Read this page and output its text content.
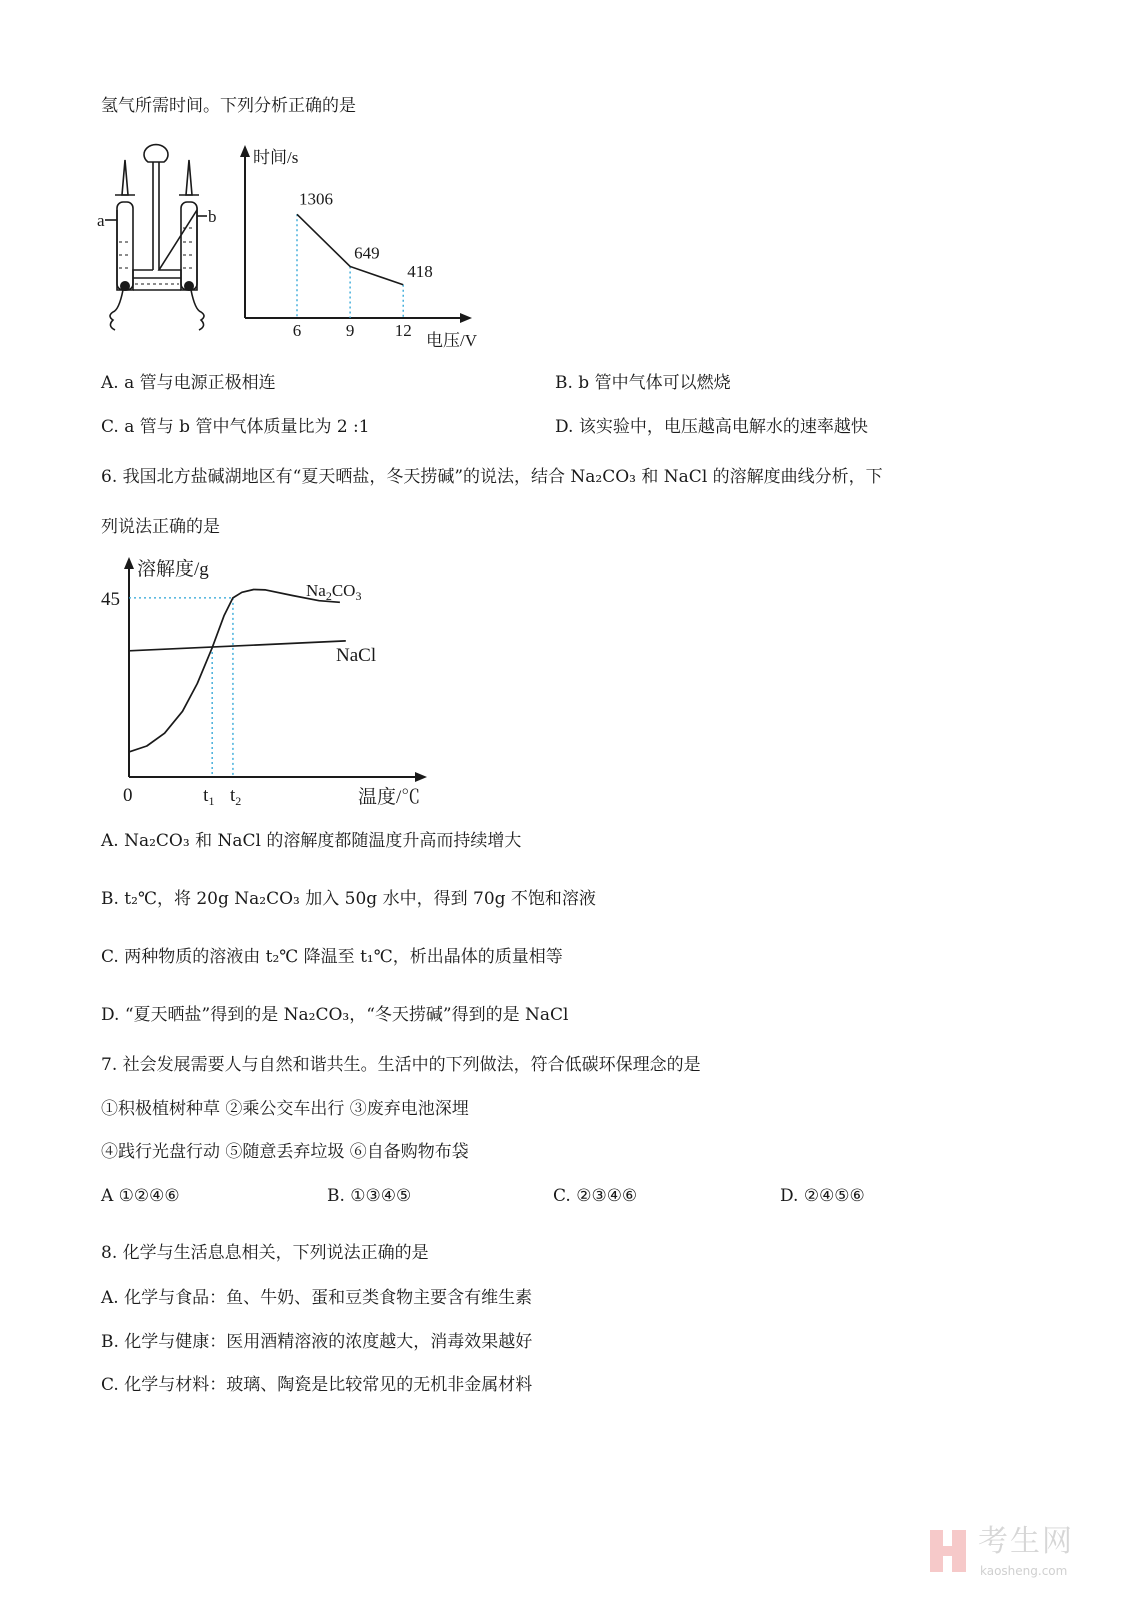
氢气所需时间。下列分析正确的是
a	b
时间/s
电压/V
6
1306
9
649
12
418
A. a 管与电源正极相连	B. b 管中气体可以燃烧
C. a 管与 b 管中气体质量比为 2 :1	D. 该实验中，电压越高电解水的速率越快
6. 我国北方盐碱湖地区有“夏天晒盐，冬天捞碱”的说法，结合 Na₂CO₃ 和 NaCl 的溶解度曲线分析，下
列说法正确的是
溶解度/g
温度/℃
0
45
$t_1$ $t_2$
$Na_2CO_3$
NaCl
A. Na₂CO₃ 和 NaCl 的溶解度都随温度升高而持续增大
B. t₂℃，将 20g Na₂CO₃ 加入 50g 水中，得到 70g 不饱和溶液
C. 两种物质的溶液由 t₂℃ 降温至 t₁℃，析出晶体的质量相等
D. “夏天晒盐”得到的是 Na₂CO₃，“冬天捞碱”得到的是 NaCl
7. 社会发展需要人与自然和谐共生。生活中的下列做法，符合低碳环保理念的是
①积极植树种草 ②乘公交车出行 ③废弃电池深埋
④践行光盘行动 ⑤随意丢弃垃圾 ⑥自备购物布袋
A ①②④⑥	B. ①③④⑤	C. ②③④⑥	D. ②④⑤⑥
8. 化学与生活息息相关，下列说法正确的是
A. 化学与食品：鱼、牛奶、蛋和豆类食物主要含有维生素
B. 化学与健康：医用酒精溶液的浓度越大，消毒效果越好
C. 化学与材料：玻璃、陶瓷是比较常见的无机非金属材料
考生网
kaosheng.com
